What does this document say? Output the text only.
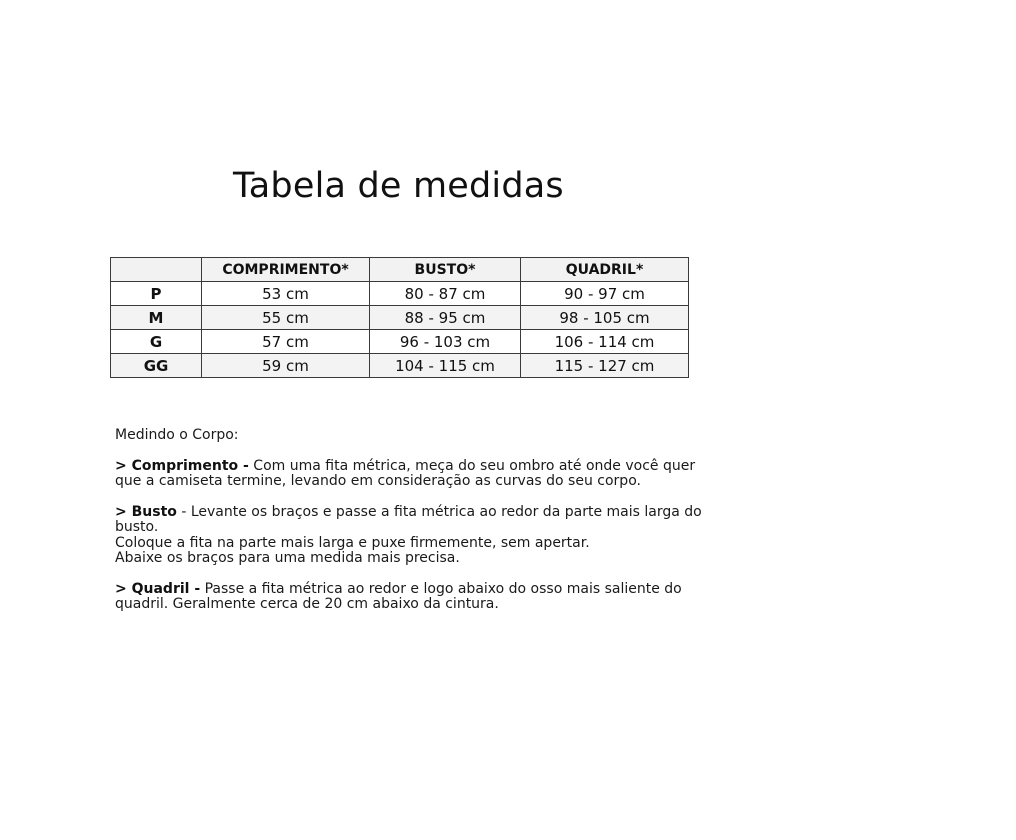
Tabela de medidas
	COMPRIMENTO*	BUSTO*	QUADRIL*
P	53 cm	80 - 87 cm	90 - 97 cm
M	55 cm	88 - 95 cm	98 - 105 cm
G	57 cm	96 - 103 cm	106 - 114 cm
GG	59 cm	104 - 115 cm	115 - 127 cm

Medindo o Corpo:

> Comprimento - Com uma fita métrica, meça do seu ombro até onde você quer que a camiseta termine, levando em consideração as curvas do seu corpo.

> Busto - Levante os braços e passe a fita métrica ao redor da parte mais larga do busto.

Coloque a fita na parte mais larga e puxe firmemente, sem apertar.

Abaixe os braços para uma medida mais precisa.

> Quadril - Passe a fita métrica ao redor e logo abaixo do osso mais saliente do quadril. Geralmente cerca de 20 cm abaixo da cintura.
